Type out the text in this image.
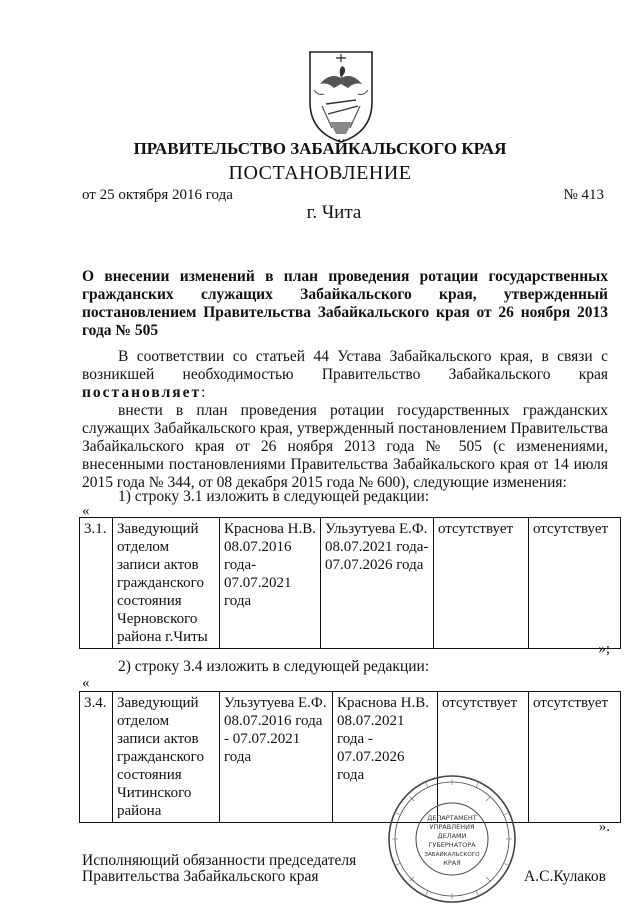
ПРАВИТЕЛЬСТВО ЗАБАЙКАЛЬСКОГО КРАЯ
ПОСТАНОВЛЕНИЕ
от 25 октября 2016 года	№ 413
г. Чита
О внесении изменений в план проведения ротации государственных гражданских служащих Забайкальского края, утвержденный постановлением Правительства Забайкальского края от 26 ноября 2013 года № 505
В соответствии со статьей 44 Устава Забайкальского края, в связи с возникшей необходимостью Правительство Забайкальского края постановляет:
внести в план проведения ротации государственных гражданских служащих Забайкальского края, утвержденный постановлением Правительства Забайкальского края от 26 ноября 2013 года № 505 (с изменениями, внесенными постановлениями Правительства Забайкальского края от 14 июля 2015 года № 344, от 08 декабря 2015 года № 600), следующие изменения:
1) строку 3.1 изложить в следующей редакции:
«
3.1.	Заведующий отделом записи актов гражданского состояния Черновского района г.Читы	Краснова Н.В. 08.07.2016 года- 07.07.2021 года	Ульзутуева Е.Ф. 08.07.2021 года- 07.07.2026 года	отсутствует	отсутствует
»;
2) строку 3.4 изложить в следующей редакции:
«
3.4.	Заведующий отделом записи актов гражданского состояния Читинского района	Ульзутуева Е.Ф. 08.07.2016 года - 07.07.2021 года	Краснова Н.В. 08.07.2021 года - 07.07.2026 года	отсутствует	отсутствует
».
ДЕПАРТАМЕНТ
УПРАВЛЕНИЯ
ДЕЛАМИ
ГУБЕРНАТОРА
ЗАБАЙКАЛЬСКОГО
КРАЯ
Исполняющий обязанности председателя
Правительства Забайкальского края	А.С.Кулаков
